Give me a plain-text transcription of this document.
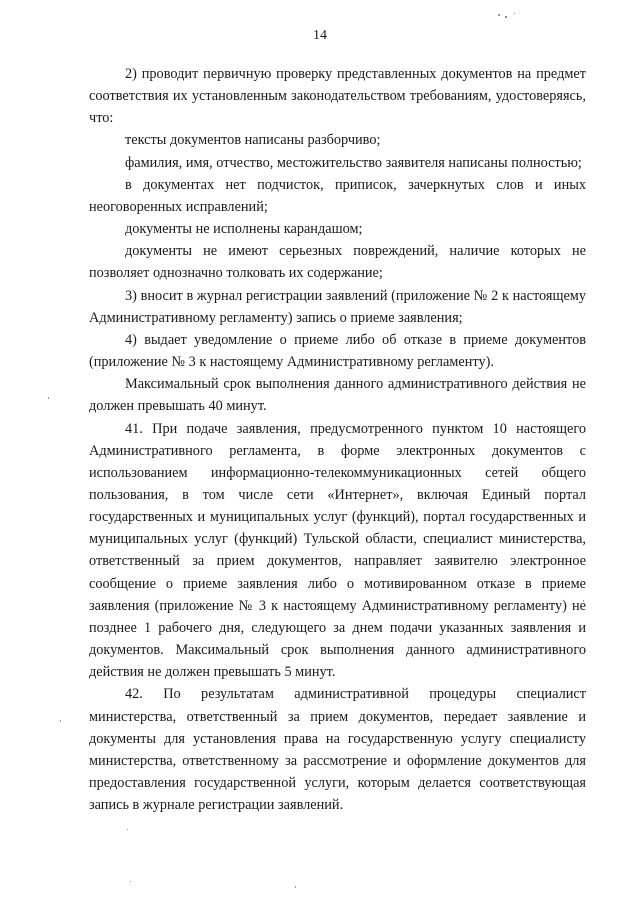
14

2) проводит первичную проверку представленных документов на предмет соответствия их установленным законодательством требованиям, удостоверяясь, что:

тексты документов написаны разборчиво;

фамилия, имя, отчество, местожительство заявителя написаны полностью;

в документах нет подчисток, приписок, зачеркнутых слов и иных неоговоренных исправлений;

документы не исполнены карандашом;

документы не имеют серьезных повреждений, наличие которых не позволяет однозначно толковать их содержание;

3) вносит в журнал регистрации заявлений (приложение № 2 к настоящему Административному регламенту) запись о приеме заявления;

4) выдает уведомление о приеме либо об отказе в приеме документов (приложение № 3 к настоящему Административному регламенту).

Максимальный срок выполнения данного административного действия не должен превышать 40 минут.

41. При подаче заявления, предусмотренного пунктом 10 настоящего Административного регламента, в форме электронных документов с использованием информационно-телекоммуникационных сетей общего пользования, в том числе сети «Интернет», включая Единый портал государственных и муниципальных услуг (функций), портал государственных и муниципальных услуг (функций) Тульской области, специалист министерства, ответственный за прием документов, направляет заявителю электронное сообщение о приеме заявления либо о мотивированном отказе в приеме заявления (приложение № 3 к настоящему Административному регламенту) не позднее 1 рабочего дня, следующего за днем подачи указанных заявления и документов. Максимальный срок выполнения данного административного действия не должен превышать 5 минут.

42. По результатам административной процедуры специалист министерства, ответственный за прием документов, передает заявление и документы для установления права на государственную услугу специалисту министерства, ответственному за рассмотрение и оформление документов для предоставления государственной услуги, которым делается соответствующая запись в журнале регистрации заявлений.
